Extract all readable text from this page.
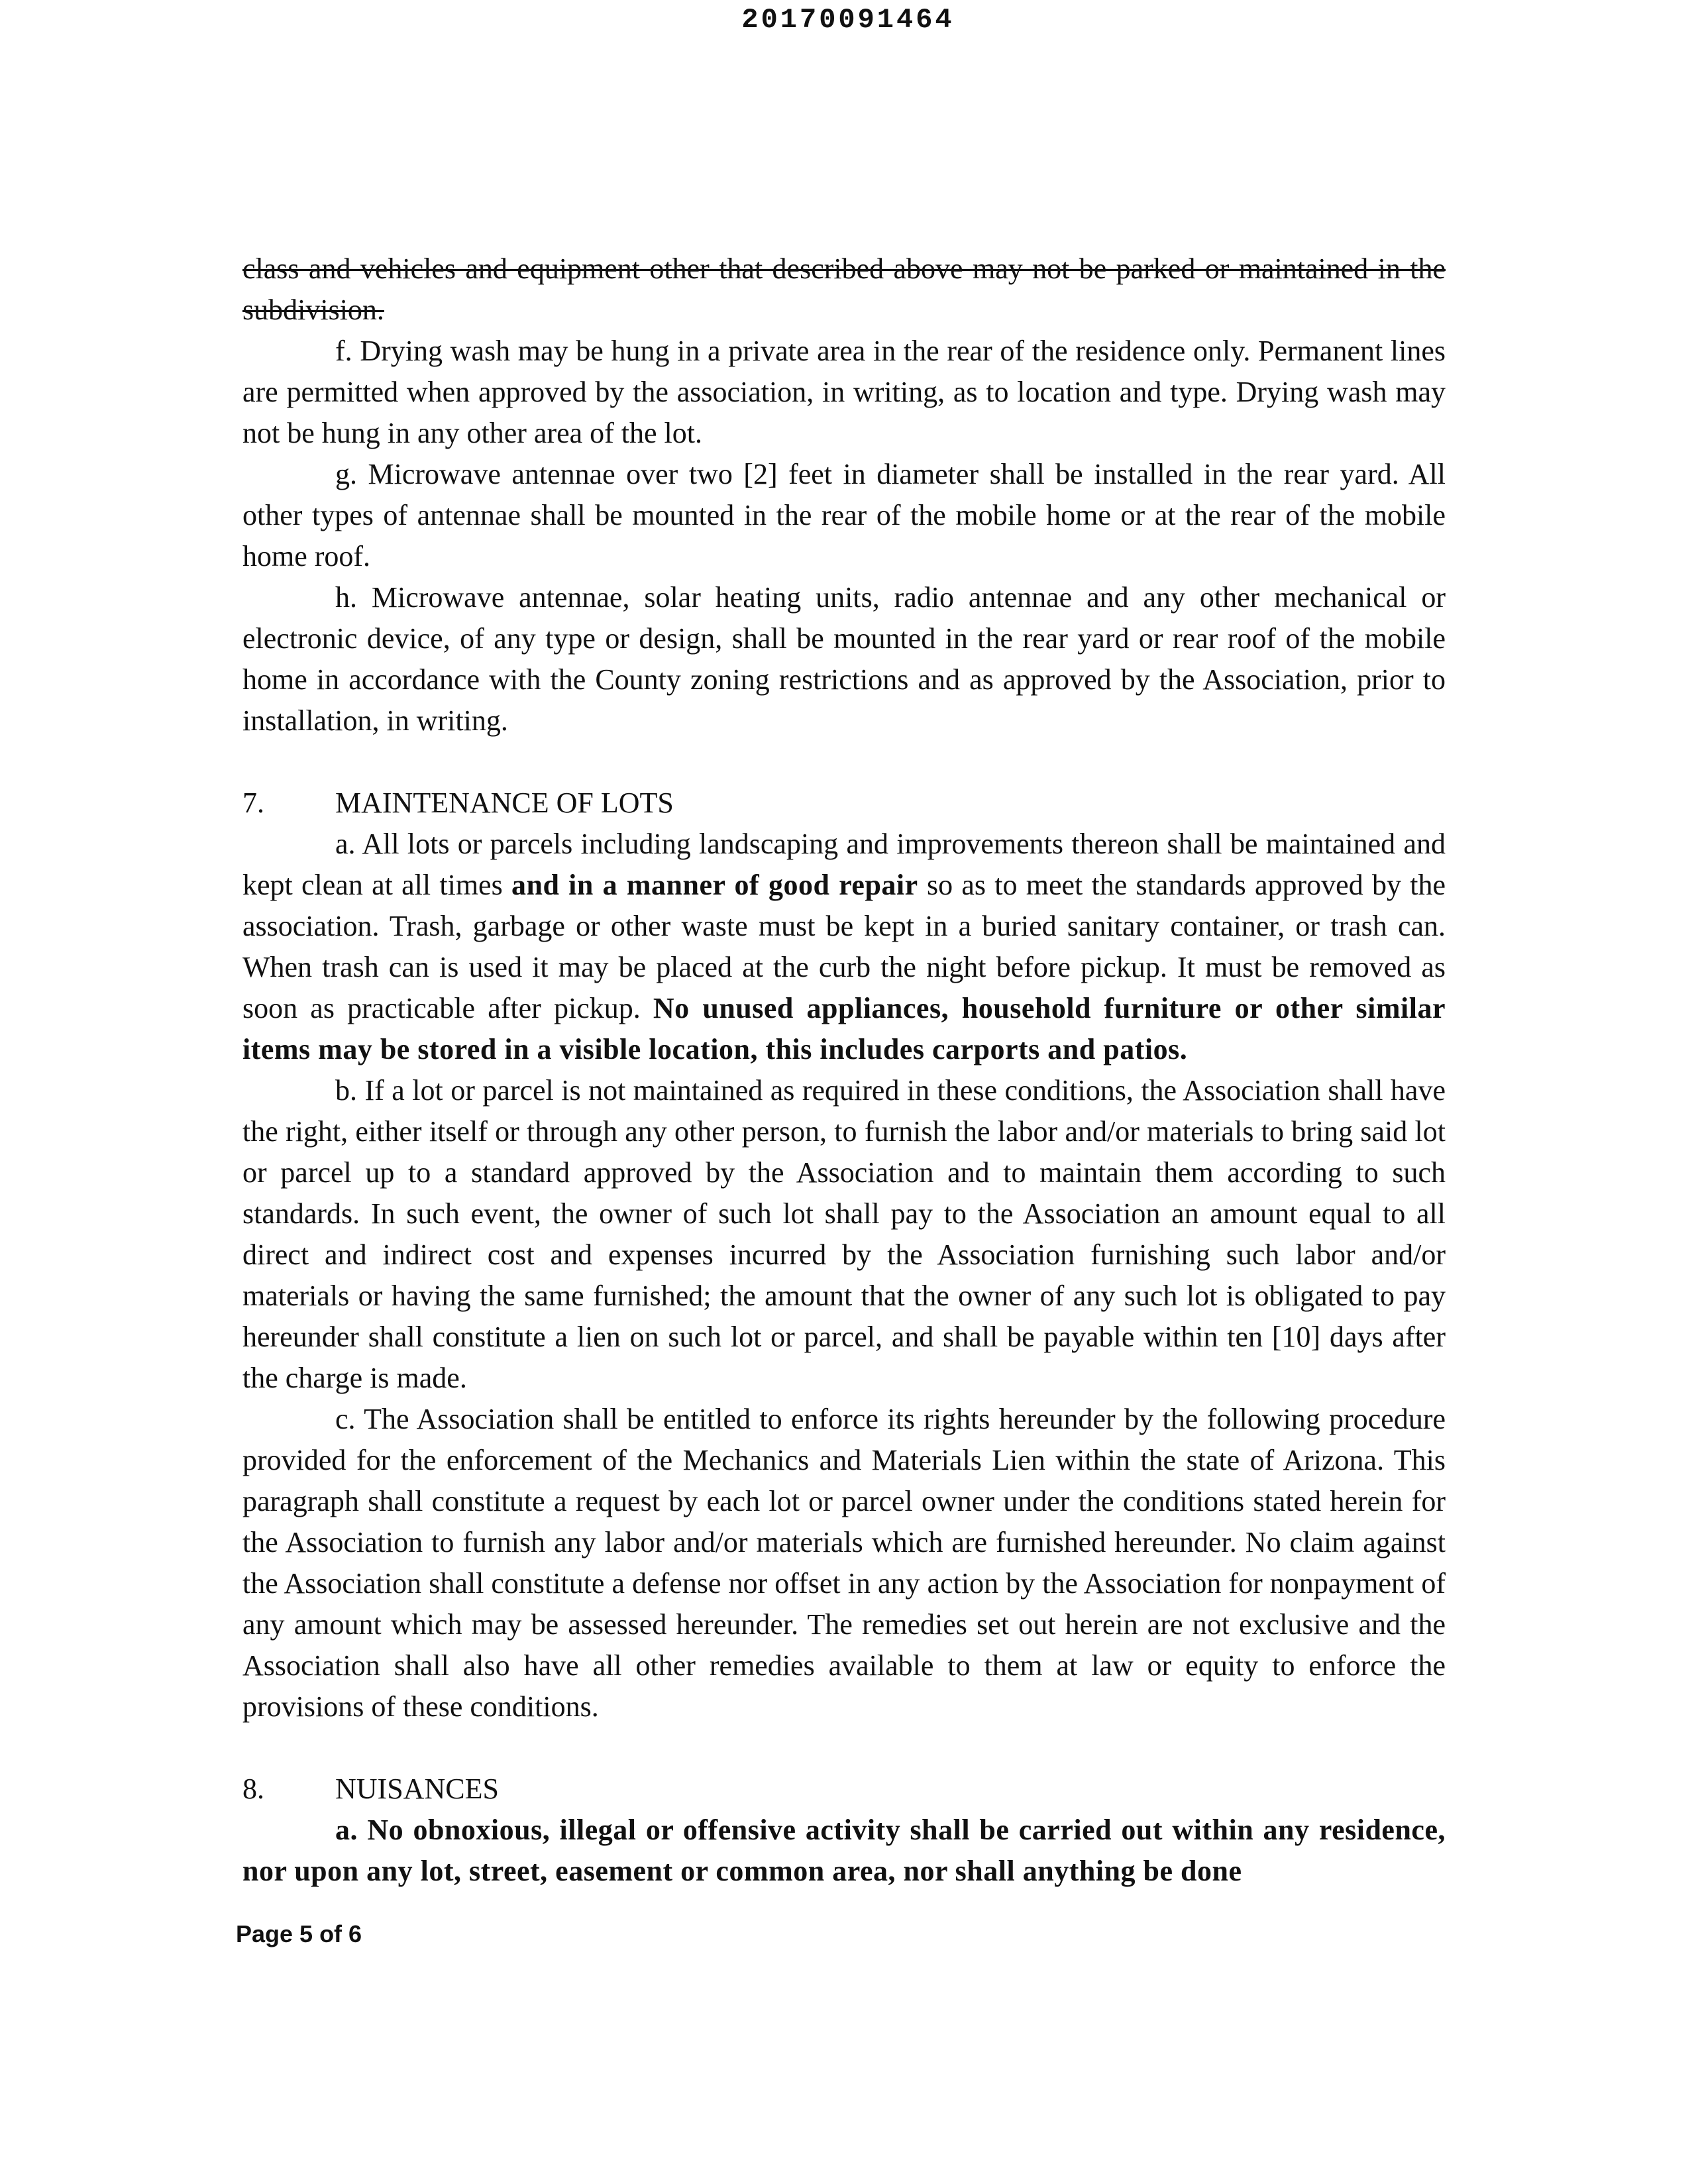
20170091464

class and vehicles and equipment other that described above may not be parked or maintained in the subdivision.

f. Drying wash may be hung in a private area in the rear of the residence only. Permanent lines are permitted when approved by the association, in writing, as to location and type. Drying wash may not be hung in any other area of the lot.

g. Microwave antennae over two [2] feet in diameter shall be installed in the rear yard. All other types of antennae shall be mounted in the rear of the mobile home or at the rear of the mobile home roof.

h. Microwave antennae, solar heating units, radio antennae and any other mechanical or electronic device, of any type or design, shall be mounted in the rear yard or rear roof of the mobile home in accordance with the County zoning restrictions and as approved by the Association, prior to installation, in writing.

7.	MAINTENANCE OF LOTS

a. All lots or parcels including landscaping and improvements thereon shall be maintained and kept clean at all times and in a manner of good repair so as to meet the standards approved by the association. Trash, garbage or other waste must be kept in a buried sanitary container, or trash can. When trash can is used it may be placed at the curb the night before pickup. It must be removed as soon as practicable after pickup. No unused appliances, household furniture or other similar items may be stored in a visible location, this includes carports and patios.

b. If a lot or parcel is not maintained as required in these conditions, the Association shall have the right, either itself or through any other person, to furnish the labor and/or materials to bring said lot or parcel up to a standard approved by the Association and to maintain them according to such standards. In such event, the owner of such lot shall pay to the Association an amount equal to all direct and indirect cost and expenses incurred by the Association furnishing such labor and/or materials or having the same furnished; the amount that the owner of any such lot is obligated to pay hereunder shall constitute a lien on such lot or parcel, and shall be payable within ten [10] days after the charge is made.

c. The Association shall be entitled to enforce its rights hereunder by the following procedure provided for the enforcement of the Mechanics and Materials Lien within the state of Arizona. This paragraph shall constitute a request by each lot or parcel owner under the conditions stated herein for the Association to furnish any labor and/or materials which are furnished hereunder. No claim against the Association shall constitute a defense nor offset in any action by the Association for nonpayment of any amount which may be assessed hereunder. The remedies set out herein are not exclusive and the Association shall also have all other remedies available to them at law or equity to enforce the provisions of these conditions.

8.	NUISANCES

a. No obnoxious, illegal or offensive activity shall be carried out within any residence, nor upon any lot, street, easement or common area, nor shall anything be done

Page 5 of 6
